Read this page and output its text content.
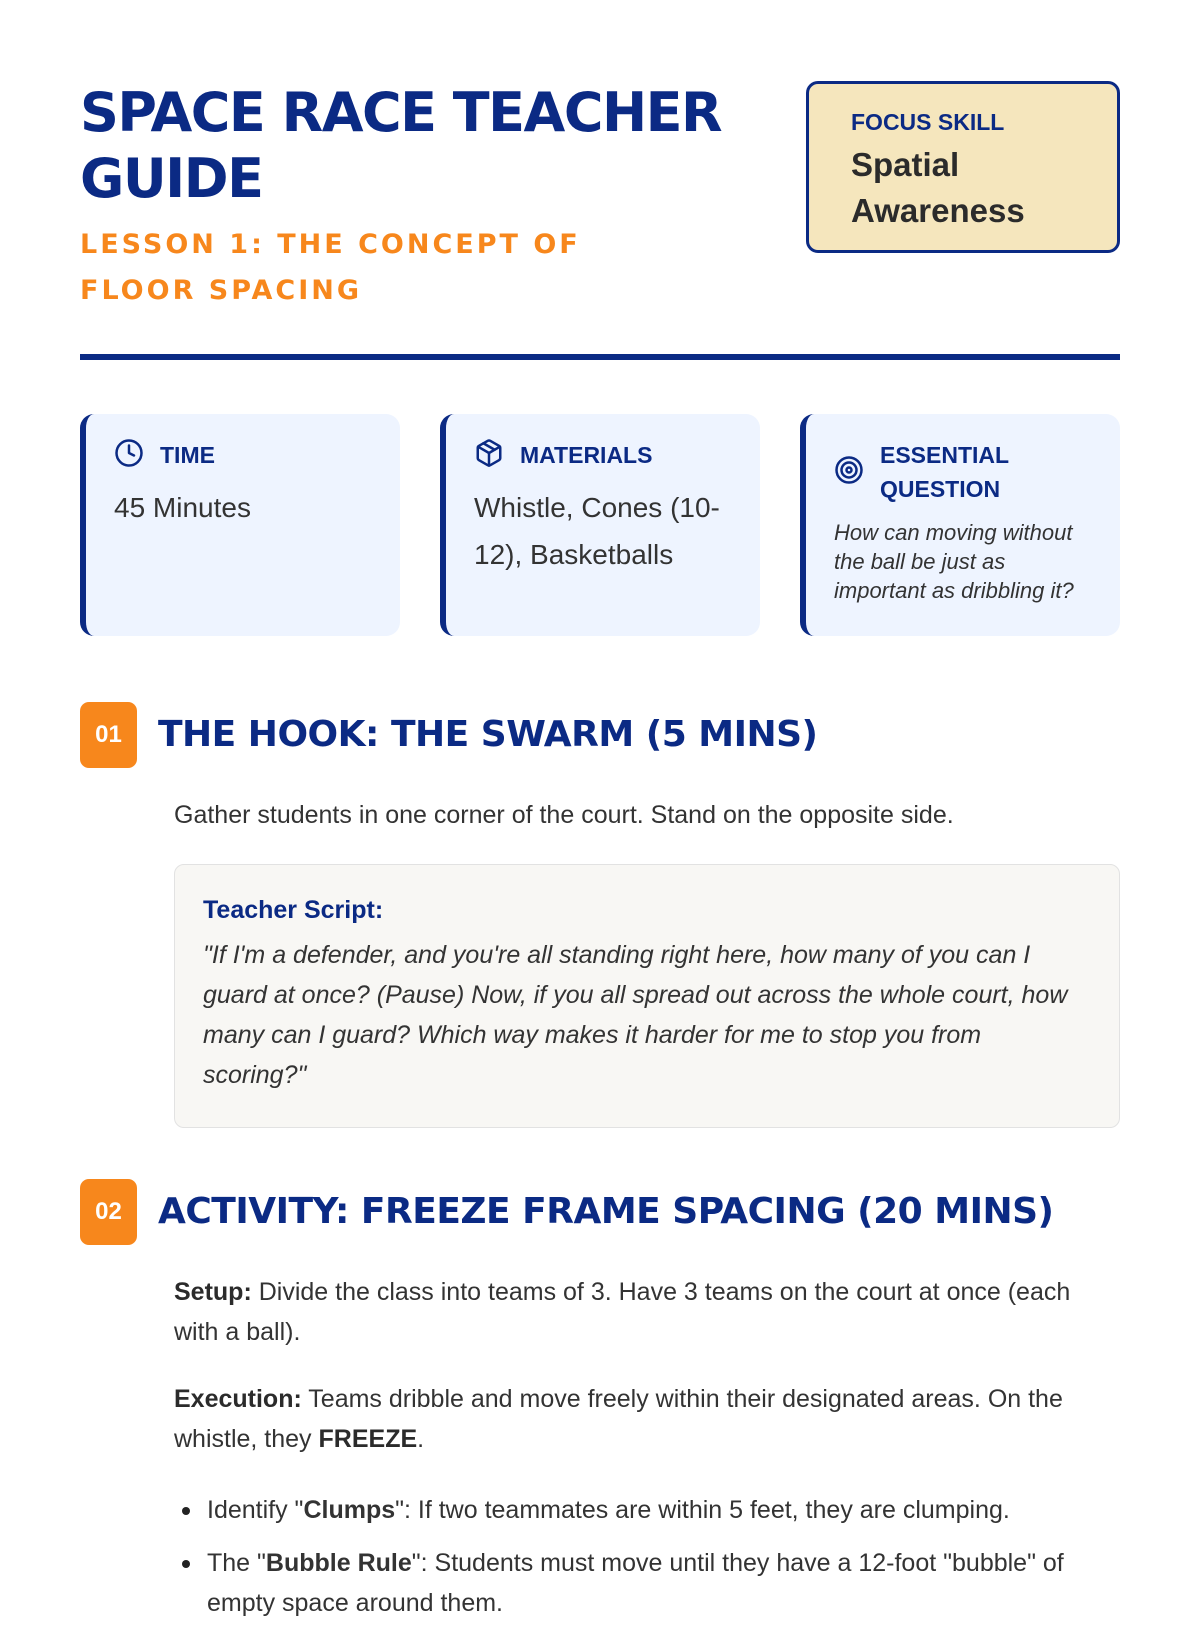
SPACE RACE TEACHER GUIDE
LESSON 1: THE CONCEPT OF FLOOR SPACING
FOCUS SKILL
Spatial Awareness
TIME
45 Minutes
MATERIALS
Whistle, Cones (10-12), Basketballs
ESSENTIAL QUESTION
How can moving without the ball be just as important as dribbling it?
01	THE HOOK: THE SWARM (5 MINS)

Gather students in one corner of the court. Stand on the opposite side.

Teacher Script:
"If I'm a defender, and you're all standing right here, how many of you can I guard at once? (Pause) Now, if you all spread out across the whole court, how many can I guard? Which way makes it harder for me to stop you from scoring?"
02	ACTIVITY: FREEZE FRAME SPACING (20 MINS)

Setup: Divide the class into teams of 3. Have 3 teams on the court at once (each with a ball).

Execution: Teams dribble and move freely within their designated areas. On the whistle, they FREEZE.

Identify "Clumps": If two teammates are within 5 feet, they are clumping.
The "Bubble Rule": Students must move until they have a 12-foot "bubble" of empty space around them.
